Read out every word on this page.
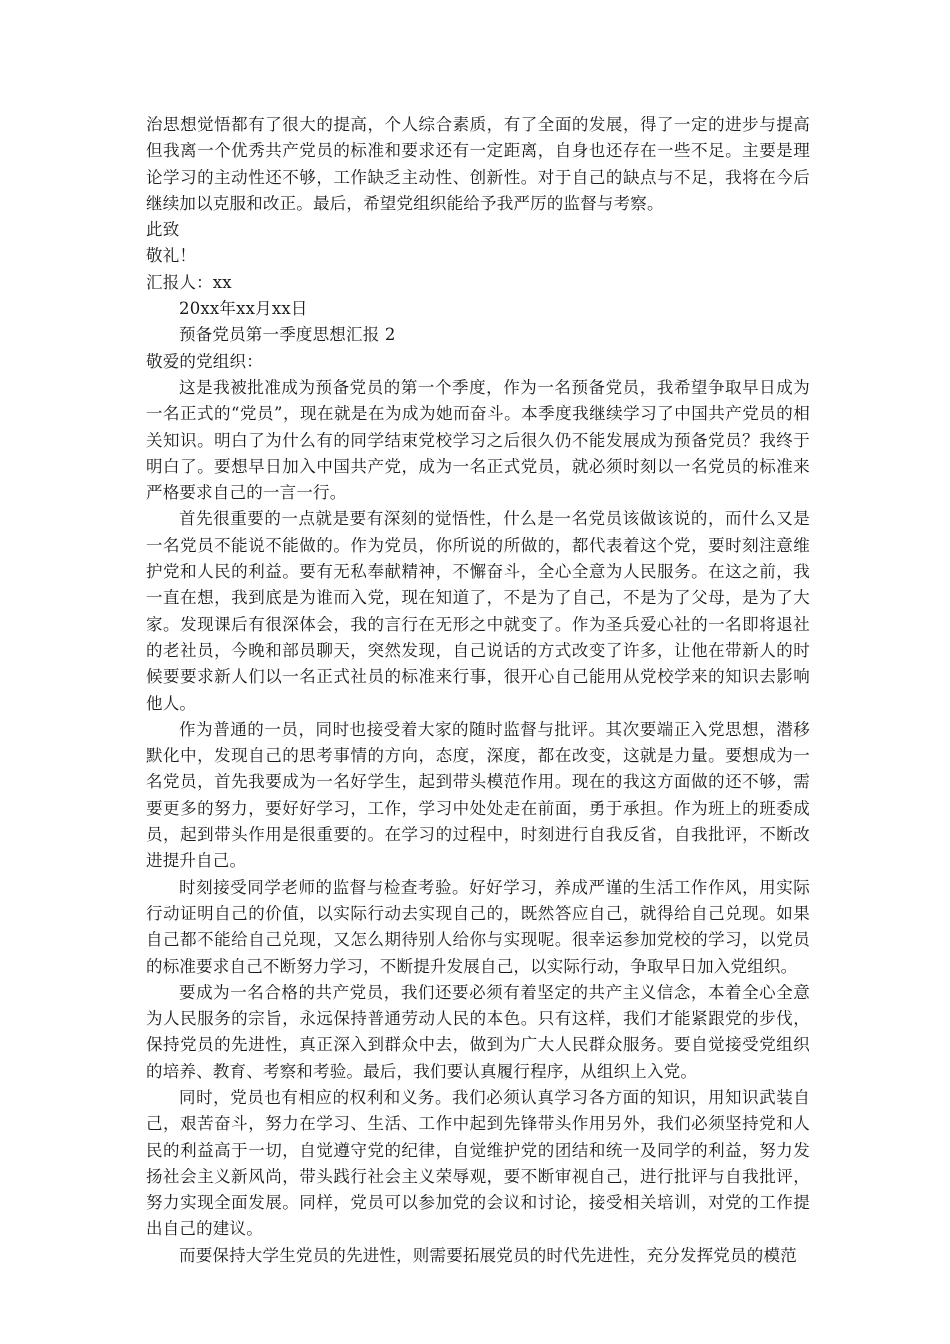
治思想觉悟都有了很大的提高，个人综合素质，有了全面的发展，得了一定的进步与提高但我离一个优秀共产党员的标准和要求还有一定距离，自身也还存在一些不足。主要是理论学习的主动性还不够，工作缺乏主动性、创新性。对于自己的缺点与不足，我将在今后继续加以克服和改正。最后，希望党组织能给予我严厉的监督与考察。

此致

敬礼！

汇报人：xx

20xx年xx月xx日

预备党员第一季度思想汇报 2

敬爱的党组织：

这是我被批准成为预备党员的第一个季度，作为一名预备党员，我希望争取早日成为一名正式的“党员”，现在就是在为成为她而奋斗。本季度我继续学习了中国共产党员的相关知识。明白了为什么有的同学结束党校学习之后很久仍不能发展成为预备党员？我终于明白了。要想早日加入中国共产党，成为一名正式党员，就必须时刻以一名党员的标准来严格要求自己的一言一行。

首先很重要的一点就是要有深刻的觉悟性，什么是一名党员该做该说的，而什么又是一名党员不能说不能做的。作为党员，你所说的所做的，都代表着这个党，要时刻注意维护党和人民的利益。要有无私奉献精神，不懈奋斗，全心全意为人民服务。在这之前，我一直在想，我到底是为谁而入党，现在知道了，不是为了自己，不是为了父母，是为了大家。发现课后有很深体会，我的言行在无形之中就变了。作为圣兵爱心社的一名即将退社的老社员，今晚和部员聊天，突然发现，自己说话的方式改变了许多，让他在带新人的时候要要求新人们以一名正式社员的标准来行事，很开心自己能用从党校学来的知识去影响他人。

作为普通的一员，同时也接受着大家的随时监督与批评。其次要端正入党思想，潜移默化中，发现自己的思考事情的方向，态度，深度，都在改变，这就是力量。要想成为一名党员，首先我要成为一名好学生，起到带头模范作用。现在的我这方面做的还不够，需要更多的努力，要好好学习，工作，学习中处处走在前面，勇于承担。作为班上的班委成员，起到带头作用是很重要的。在学习的过程中，时刻进行自我反省，自我批评，不断改进提升自己。

时刻接受同学老师的监督与检查考验。好好学习，养成严谨的生活工作作风，用实际行动证明自己的价值，以实际行动去实现自己的，既然答应自己，就得给自己兑现。如果自己都不能给自己兑现，又怎么期待别人给你与实现呢。很幸运参加党校的学习，以党员的标准要求自己不断努力学习，不断提升发展自己，以实际行动，争取早日加入党组织。

要成为一名合格的共产党员，我们还要必须有着坚定的共产主义信念，本着全心全意为人民服务的宗旨，永远保持普通劳动人民的本色。只有这样，我们才能紧跟党的步伐，保持党员的先进性，真正深入到群众中去，做到为广大人民群众服务。要自觉接受党组织的培养、教育、考察和考验。最后，我们要认真履行程序，从组织上入党。

同时，党员也有相应的权利和义务。我们必须认真学习各方面的知识，用知识武装自己，艰苦奋斗，努力在学习、生活、工作中起到先锋带头作用另外，我们必须坚持党和人民的利益高于一切，自觉遵守党的纪律，自觉维护党的团结和统一及同学的利益，努力发扬社会主义新风尚，带头践行社会主义荣辱观，要不断审视自己，进行批评与自我批评，努力实现全面发展。同样，党员可以参加党的会议和讨论，接受相关培训，对党的工作提出自己的建议。

而要保持大学生党员的先进性，则需要拓展党员的时代先进性，充分发挥党员的模范
